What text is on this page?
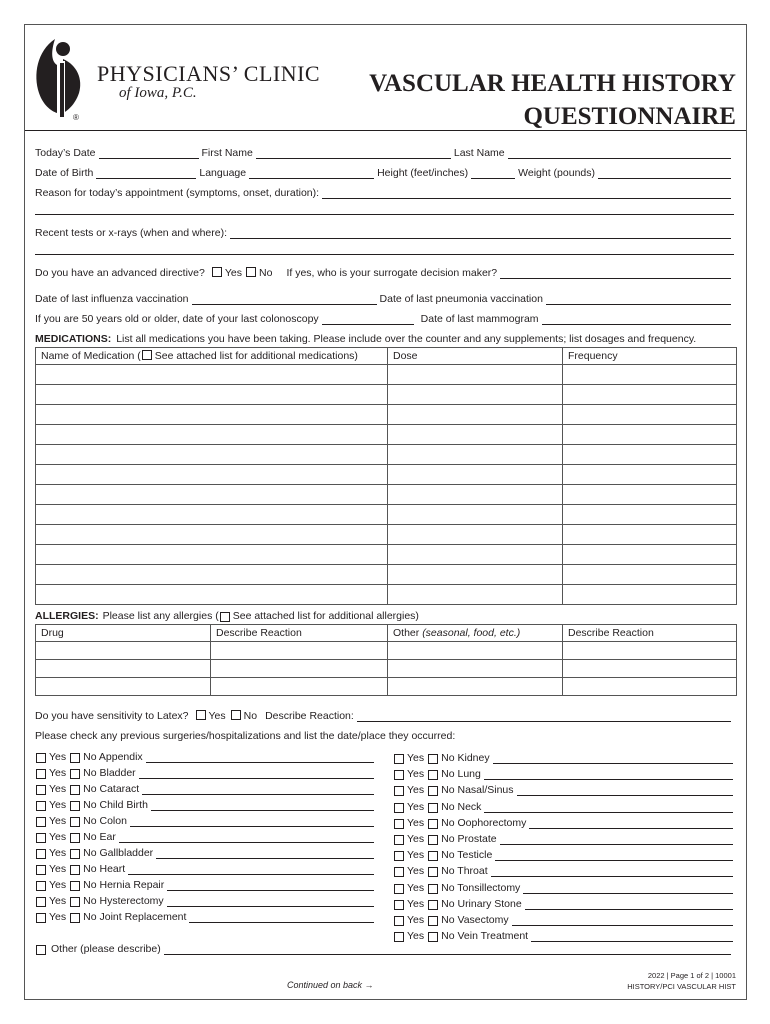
®
PHYSICIANS’ CLINIC
of Iowa, P.C.	VASCULAR HEALTH HISTORY
QUESTIONNAIRE
Today’s Date	First Name	Last Name
Date of Birth	Language	Height (feet/inches)	Weight (pounds)
Reason for today’s appointment (symptoms, onset, duration):
Recent tests or x-rays (when and where):
Do you have an advanced directive?	Yes	No If yes, who is your surrogate decision maker?
Date of last influenza vaccination	Date of last pneumonia vaccination
If you are 50 years old or older, date of your last colonoscopy	Date of last mammogram
MEDICATIONS: List all medications you have been taking. Please include over the counter and any supplements; list dosages and frequency.
Name of Medication ( See attached list for additional medications)	Dose	Frequency

ALLERGIES: Please list any allergies ( See attached list for additional allergies)
Drug	Describe Reaction	Other (seasonal, food, etc.)	Describe Reaction

Do you have sensitivity to Latex?	Yes	No Describe Reaction:
Please check any previous surgeries/hospitalizations and list the date/place they occurred:
Yes No Appendix
Yes No Bladder
Yes No Cataract
Yes No Child Birth
Yes No Colon
Yes No Ear
Yes No Gallbladder
Yes No Heart
Yes No Hernia Repair
Yes No Hysterectomy
Yes No Joint Replacement
Yes No Kidney
Yes No Lung
Yes No Nasal/Sinus
Yes No Neck
Yes No Oophorectomy
Yes No Prostate
Yes No Testicle
Yes No Throat
Yes No Tonsillectomy
Yes No Urinary Stone
Yes No Vasectomy
Yes No Vein Treatment
Other (please describe)
Continued on back →
2022 | Page 1 of 2 | 10001
HISTORY/PCI VASCULAR HIST
